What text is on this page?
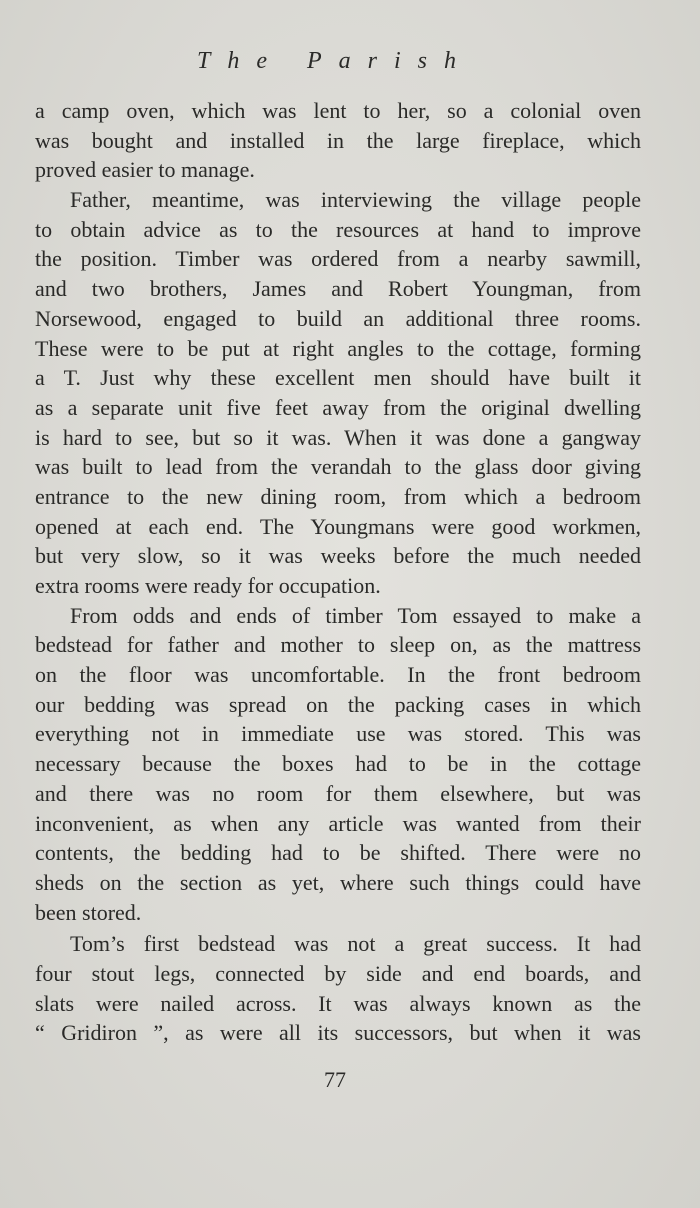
The Parish
a camp oven, which was lent to her, so a colonial oven
was bought and installed in the large fireplace, which
proved easier to manage.
Father, meantime, was interviewing the village people
to obtain advice as to the resources at hand to improve
the position. Timber was ordered from a nearby sawmill,
and two brothers, James and Robert Youngman, from
Norsewood, engaged to build an additional three rooms.
These were to be put at right angles to the cottage, forming
a T. Just why these excellent men should have built it
as a separate unit five feet away from the original dwelling
is hard to see, but so it was. When it was done a gangway
was built to lead from the verandah to the glass door giving
entrance to the new dining room, from which a bedroom
opened at each end. The Youngmans were good workmen,
but very slow, so it was weeks before the much needed
extra rooms were ready for occupation.
From odds and ends of timber Tom essayed to make a
bedstead for father and mother to sleep on, as the mattress
on the floor was uncomfortable. In the front bedroom
our bedding was spread on the packing cases in which
everything not in immediate use was stored. This was
necessary because the boxes had to be in the cottage
and there was no room for them elsewhere, but was
inconvenient, as when any article was wanted from their
contents, the bedding had to be shifted. There were no
sheds on the section as yet, where such things could have
been stored.
Tom’s first bedstead was not a great success. It had
four stout legs, connected by side and end boards, and
slats were nailed across. It was always known as the
“ Gridiron ”, as were all its successors, but when it was
77
